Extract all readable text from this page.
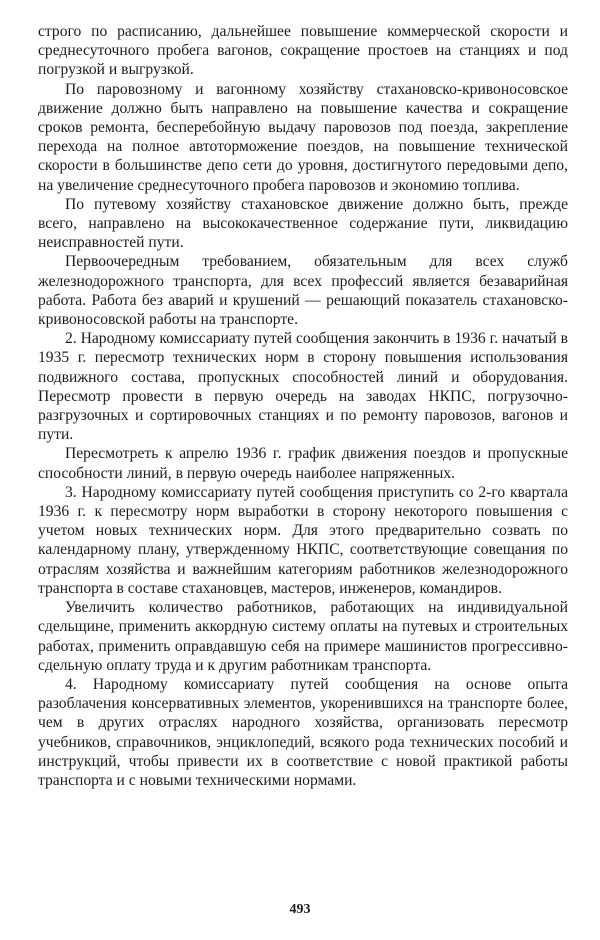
строго по расписанию, дальнейшее повышение коммерческой скорости и среднесуточного пробега вагонов, сокращение простоев на станциях и под погрузкой и выгрузкой.

По паровозному и вагонному хозяйству стахановско-кривоносовское движение должно быть направлено на повышение качества и сокращение сроков ремонта, бесперебойную выдачу паровозов под поезда, закрепление перехода на полное автоторможение поездов, на повышение технической скорости в большинстве депо сети до уровня, достигнутого передовыми депо, на увеличение среднесуточного пробега паровозов и экономию топлива.

По путевому хозяйству стахановское движение должно быть, прежде всего, направлено на высококачественное содержание пути, ликвидацию неисправностей пути.

Первоочередным требованием, обязательным для всех служб железнодорожного транспорта, для всех профессий является безаварийная работа. Работа без аварий и крушений — решающий показатель стахановско-кривоносовской работы на транспорте.

2. Народному комиссариату путей сообщения закончить в 1936 г. начатый в 1935 г. пересмотр технических норм в сторону повышения использования подвижного состава, пропускных способностей линий и оборудования. Пересмотр провести в первую очередь на заводах НКПС, погрузочно-разгрузочных и сортировочных станциях и по ремонту паровозов, вагонов и пути.

Пересмотреть к апрелю 1936 г. график движения поездов и пропускные способности линий, в первую очередь наиболее напряженных.

3. Народному комиссариату путей сообщения приступить со 2-го квартала 1936 г. к пересмотру норм выработки в сторону некоторого повышения с учетом новых технических норм. Для этого предварительно созвать по календарному плану, утвержденному НКПС, соответствующие совещания по отраслям хозяйства и важнейшим категориям работников железнодорожного транспорта в составе стахановцев, мастеров, инженеров, командиров.

Увеличить количество работников, работающих на индивидуальной сдельщине, применить аккордную систему оплаты на путевых и строительных работах, применить оправдавшую себя на примере машинистов прогрессивно-сдельную оплату труда и к другим работникам транспорта.

4. Народному комиссариату путей сообщения на основе опыта разоблачения консервативных элементов, укоренившихся на транспорте более, чем в других отраслях народного хозяйства, организовать пересмотр учебников, справочников, энциклопедий, всякого рода технических пособий и инструкций, чтобы привести их в соответствие с новой практикой работы транспорта и с новыми техническими нормами.

493
